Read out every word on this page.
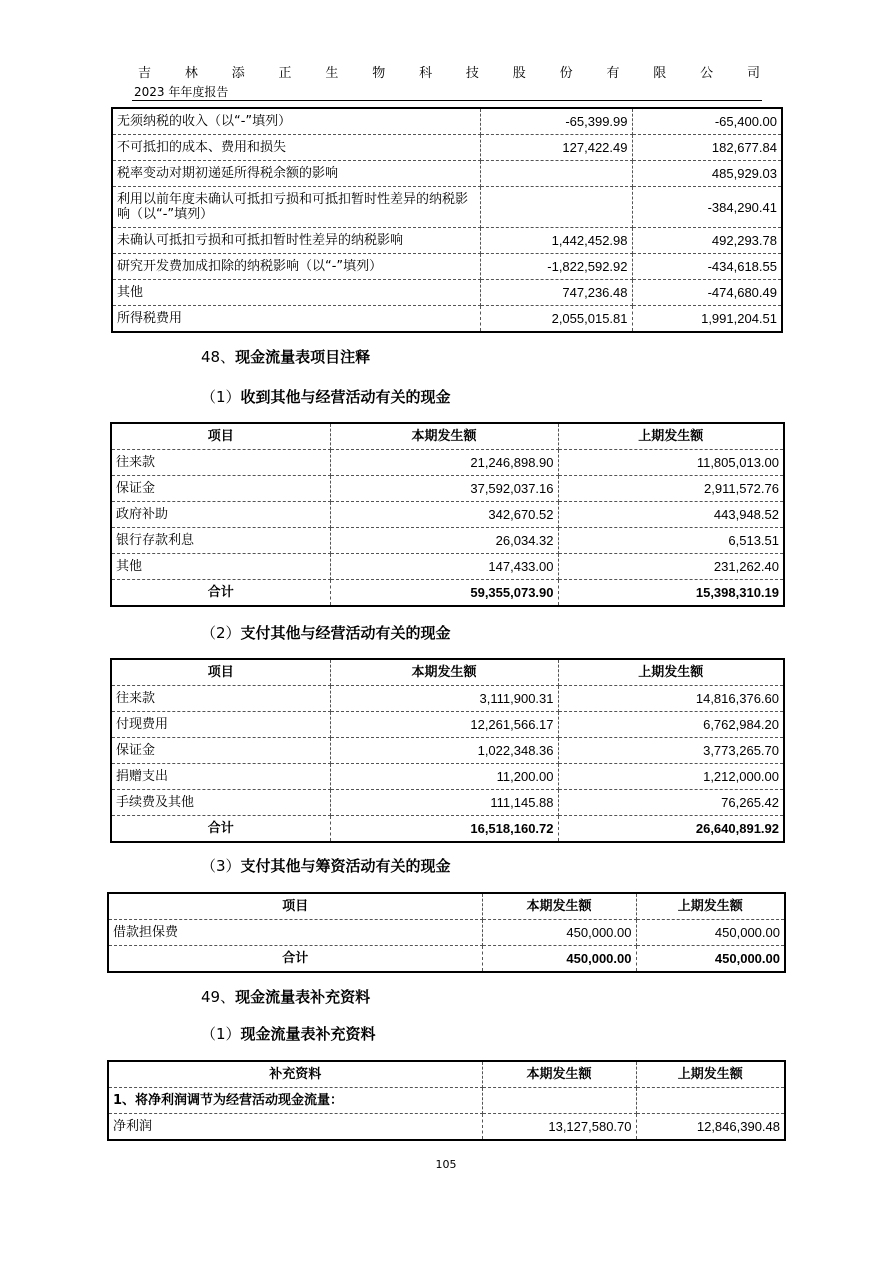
吉	林	添	正	生	物	科	技	股	份	有	限	公	司
2023 年年度报告
无须纳税的收入（以“-”填列）	-65,399.99	-65,400.00
不可抵扣的成本、费用和损失	127,422.49	182,677.84
税率变动对期初递延所得税余额的影响		485,929.03
利用以前年度未确认可抵扣亏损和可抵扣暂时性差异的纳税影响（以“-”填列）		-384,290.41
未确认可抵扣亏损和可抵扣暂时性差异的纳税影响	1,442,452.98	492,293.78
研究开发费加成扣除的纳税影响（以“-”填列）	-1,822,592.92	-434,618.55
其他	747,236.48	-474,680.49
所得税费用	2,055,015.81	1,991,204.51
48、现金流量表项目注释
（1）收到其他与经营活动有关的现金
项目	本期发生额	上期发生额
往来款	21,246,898.90	11,805,013.00
保证金	37,592,037.16	2,911,572.76
政府补助	342,670.52	443,948.52
银行存款利息	26,034.32	6,513.51
其他	147,433.00	231,262.40
合计	59,355,073.90	15,398,310.19
（2）支付其他与经营活动有关的现金
项目	本期发生额	上期发生额
往来款	3,111,900.31	14,816,376.60
付现费用	12,261,566.17	6,762,984.20
保证金	1,022,348.36	3,773,265.70
捐赠支出	11,200.00	1,212,000.00
手续费及其他	111,145.88	76,265.42
合计	16,518,160.72	26,640,891.92
（3）支付其他与筹资活动有关的现金
项目	本期发生额	上期发生额
借款担保费	450,000.00	450,000.00
合计	450,000.00	450,000.00
49、现金流量表补充资料
（1）现金流量表补充资料
补充资料	本期发生额	上期发生额
1、将净利润调节为经营活动现金流量：		
净利润	13,127,580.70	12,846,390.48
105
